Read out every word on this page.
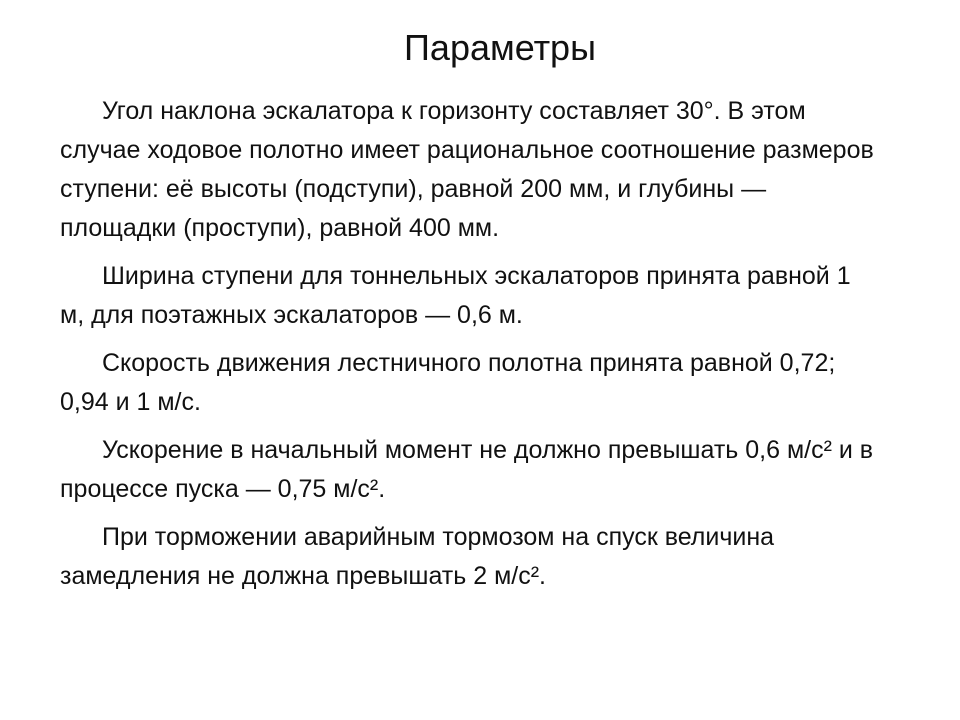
Параметры

Угол наклона эскалатора к горизонту составляет 30°. В этом случае ходовое полотно имеет рациональное соотношение размеров ступени: её высоты (подступи), равной 200 мм, и глубины — площадки (проступи), равной 400 мм.

Ширина ступени для тоннельных эскалаторов принята равной 1 м, для поэтажных эскалаторов — 0,6 м.

Скорость движения лестничного полотна принята равной 0,72; 0,94 и 1 м/с.

Ускорение в начальный момент не должно превышать 0,6 м/с² и в процессе пуска — 0,75 м/с².

При торможении аварийным тормозом на спуск величина замедления не должна превышать 2 м/с².
